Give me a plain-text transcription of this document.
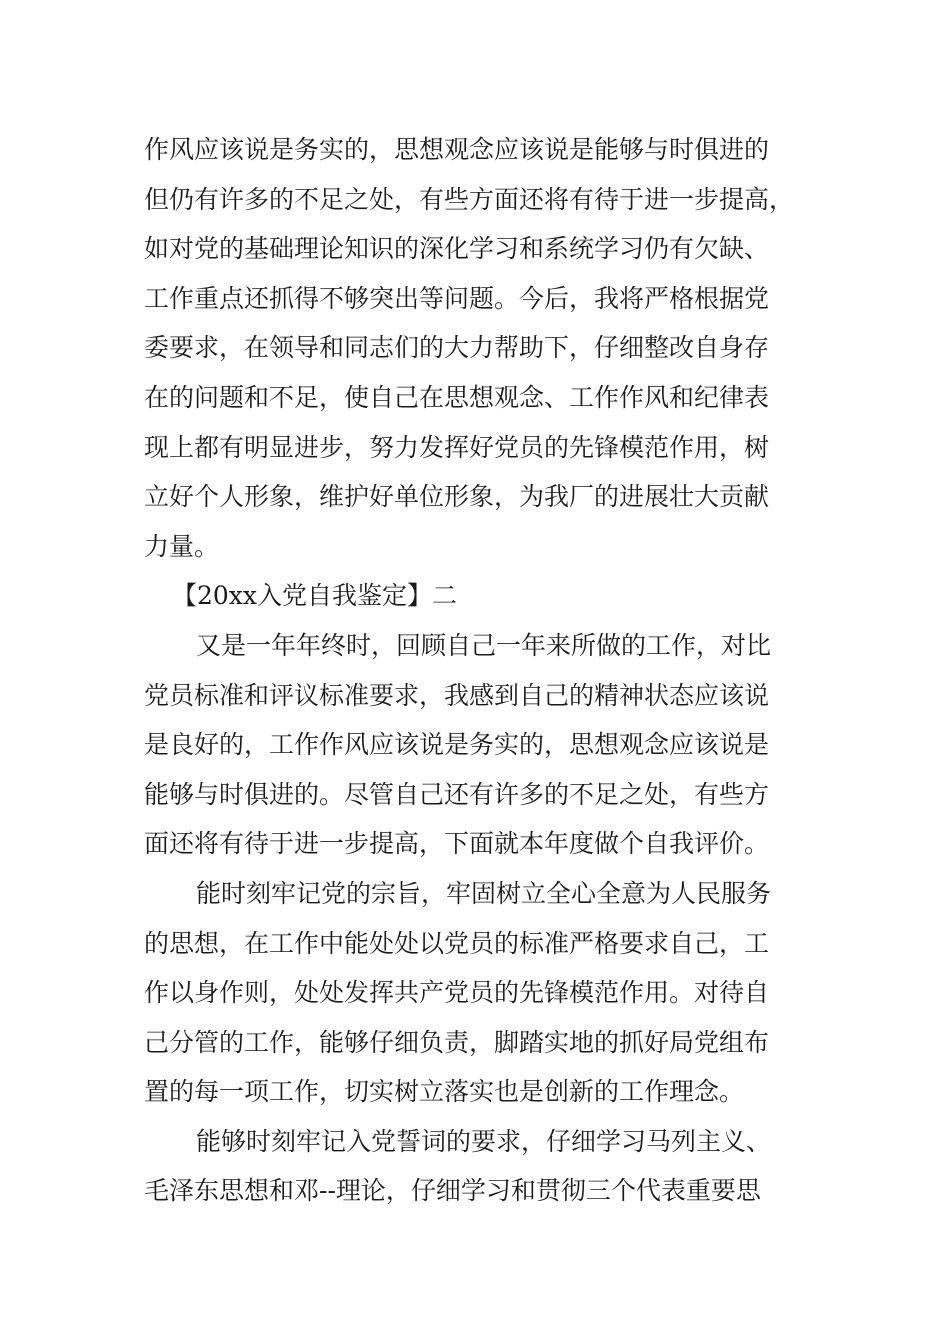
作风应该说是务实的，思想观念应该说是能够与时俱进的
但仍有许多的不足之处，有些方面还将有待于进一步提高，
如对党的基础理论知识的深化学习和系统学习仍有欠缺、
工作重点还抓得不够突出等问题。今后，我将严格根据党
委要求，在领导和同志们的大力帮助下，仔细整改自身存
在的问题和不足，使自己在思想观念、工作作风和纪律表
现上都有明显进步，努力发挥好党员的先锋模范作用，树
立好个人形象，维护好单位形象，为我厂的进展壮大贡献
力量。
【20xx入党自我鉴定】二
又是一年年终时，回顾自己一年来所做的工作，对比
党员标准和评议标准要求，我感到自己的精神状态应该说
是良好的，工作作风应该说是务实的，思想观念应该说是
能够与时俱进的。尽管自己还有许多的不足之处，有些方
面还将有待于进一步提高，下面就本年度做个自我评价。
能时刻牢记党的宗旨，牢固树立全心全意为人民服务
的思想，在工作中能处处以党员的标准严格要求自己，工
作以身作则，处处发挥共产党员的先锋模范作用。对待自
己分管的工作，能够仔细负责，脚踏实地的抓好局党组布
置的每一项工作，切实树立落实也是创新的工作理念。
能够时刻牢记入党誓词的要求，仔细学习马列主义、
毛泽东思想和邓--理论，仔细学习和贯彻三个代表重要思
